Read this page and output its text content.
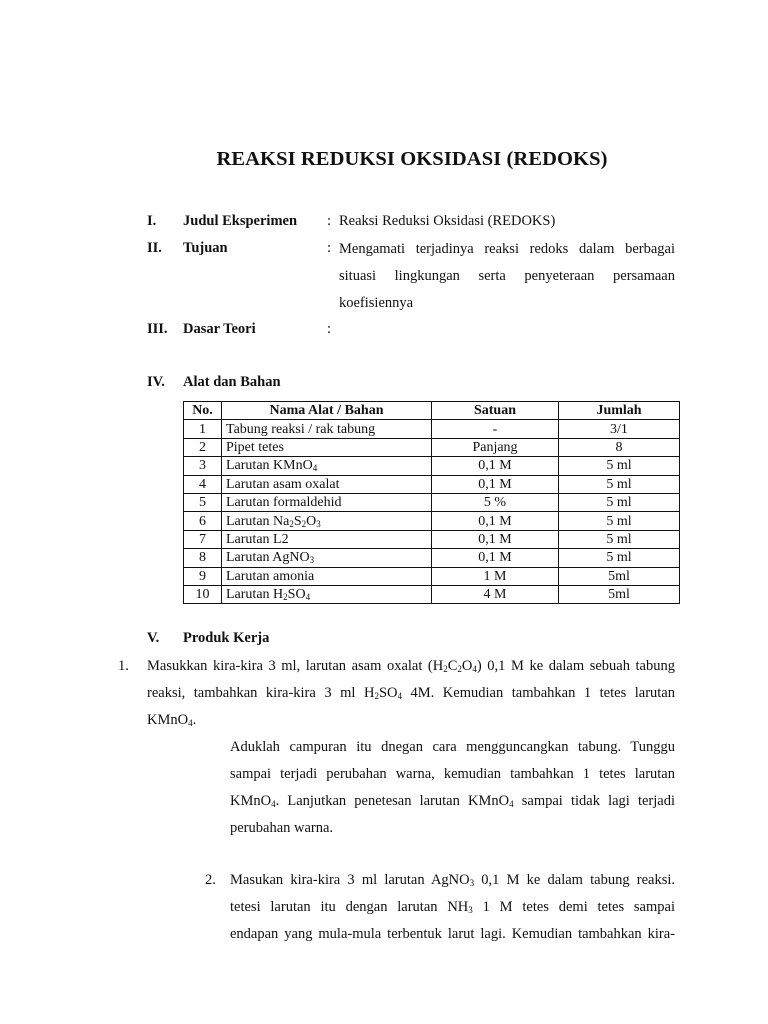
REAKSI REDUKSI OKSIDASI (REDOKS)
I. Judul Eksperimen : Reaksi Reduksi Oksidasi (REDOKS)
II. Tujuan	: Mengamati terjadinya reaksi redoks dalam berbagai
situasi lingkungan serta penyeteraan persamaan
koefisiennya
III. Dasar Teori	:
IV. Alat dan Bahan
No.	Nama Alat / Bahan	Satuan	Jumlah
1	Tabung reaksi / rak tabung	-	3/1
2	Pipet tetes	Panjang	8
3	Larutan KMnO$_4$	0,1 M	5 ml
4	Larutan asam oxalat	0,1 M	5 ml
5	Larutan formaldehid	5 %	5 ml
6	Larutan $Na_2S_2O_3$	0,1 M	5 ml
7	Larutan L2	0,1 M	5 ml
8	Larutan AgNO$_3$	0,1 M	5 ml
9	Larutan amonia	1 M	5ml
10	Larutan $H_2SO_4$	4 M	5ml
V. Produk Kerja
1. Masukkan kira-kira 3 ml, larutan asam oxalat $(H_2C_2O_4)$ 0,1 M ke dalam sebuah tabung
reaksi, tambahkan kira-kira 3 ml $H_2SO_4$ 4M. Kemudian tambahkan 1 tetes larutan
KMnO$_4$.
Aduklah campuran itu dnegan cara mengguncangkan tabung. Tunggu
sampai terjadi perubahan warna, kemudian tambahkan 1 tetes larutan
KMnO$_4$. Lanjutkan penetesan larutan KMnO$_4$ sampai tidak lagi terjadi
perubahan warna.
2. Masukan kira-kira 3 ml larutan AgNO$_3$ 0,1 M ke dalam tabung reaksi.
tetesi larutan itu dengan larutan $NH_3$ 1 M tetes demi tetes sampai
endapan yang mula-mula terbentuk larut lagi. Kemudian tambahkan kira-
